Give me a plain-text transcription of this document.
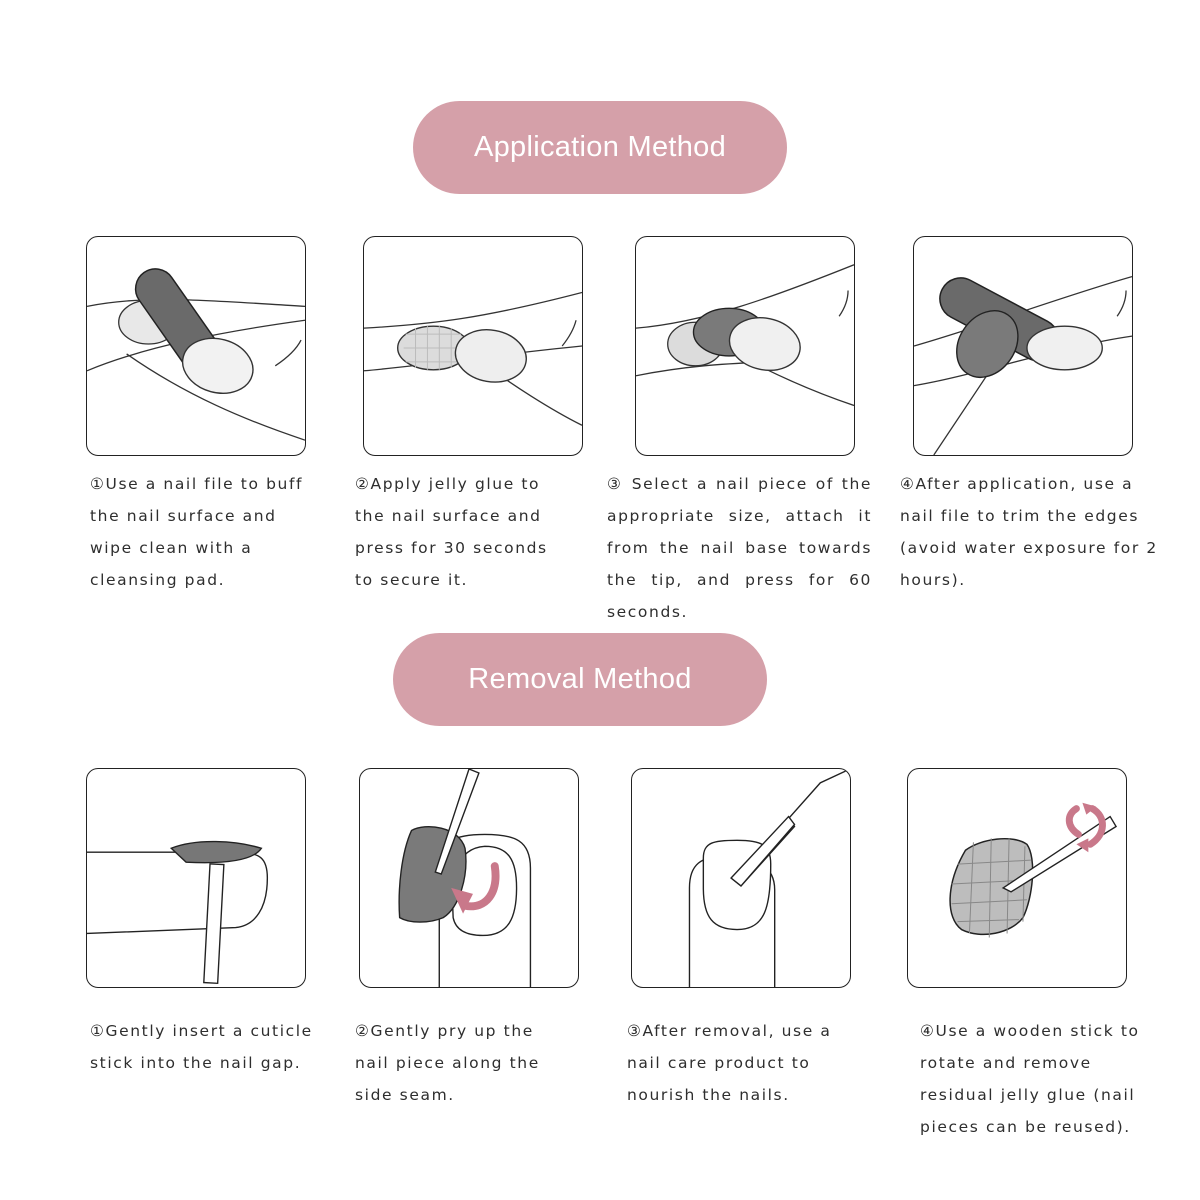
Application Method
Removal Method

①Use a nail file to buff the nail surface and wipe clean with a cleansing pad.

②Apply jelly glue to the nail surface and press for 30 seconds to secure it.

③ Select a nail piece of the appropriate size, attach it from the nail base towards the tip, and press for 60 seconds.

④After application, use a nail file to trim the edges (avoid water exposure for 2 hours).

①Gently insert a cuticle stick into the nail gap.

②Gently pry up the nail piece along the side seam.

③After removal, use a nail care product to nourish the nails.

④Use a wooden stick to rotate and remove residual jelly glue (nail pieces can be reused).
